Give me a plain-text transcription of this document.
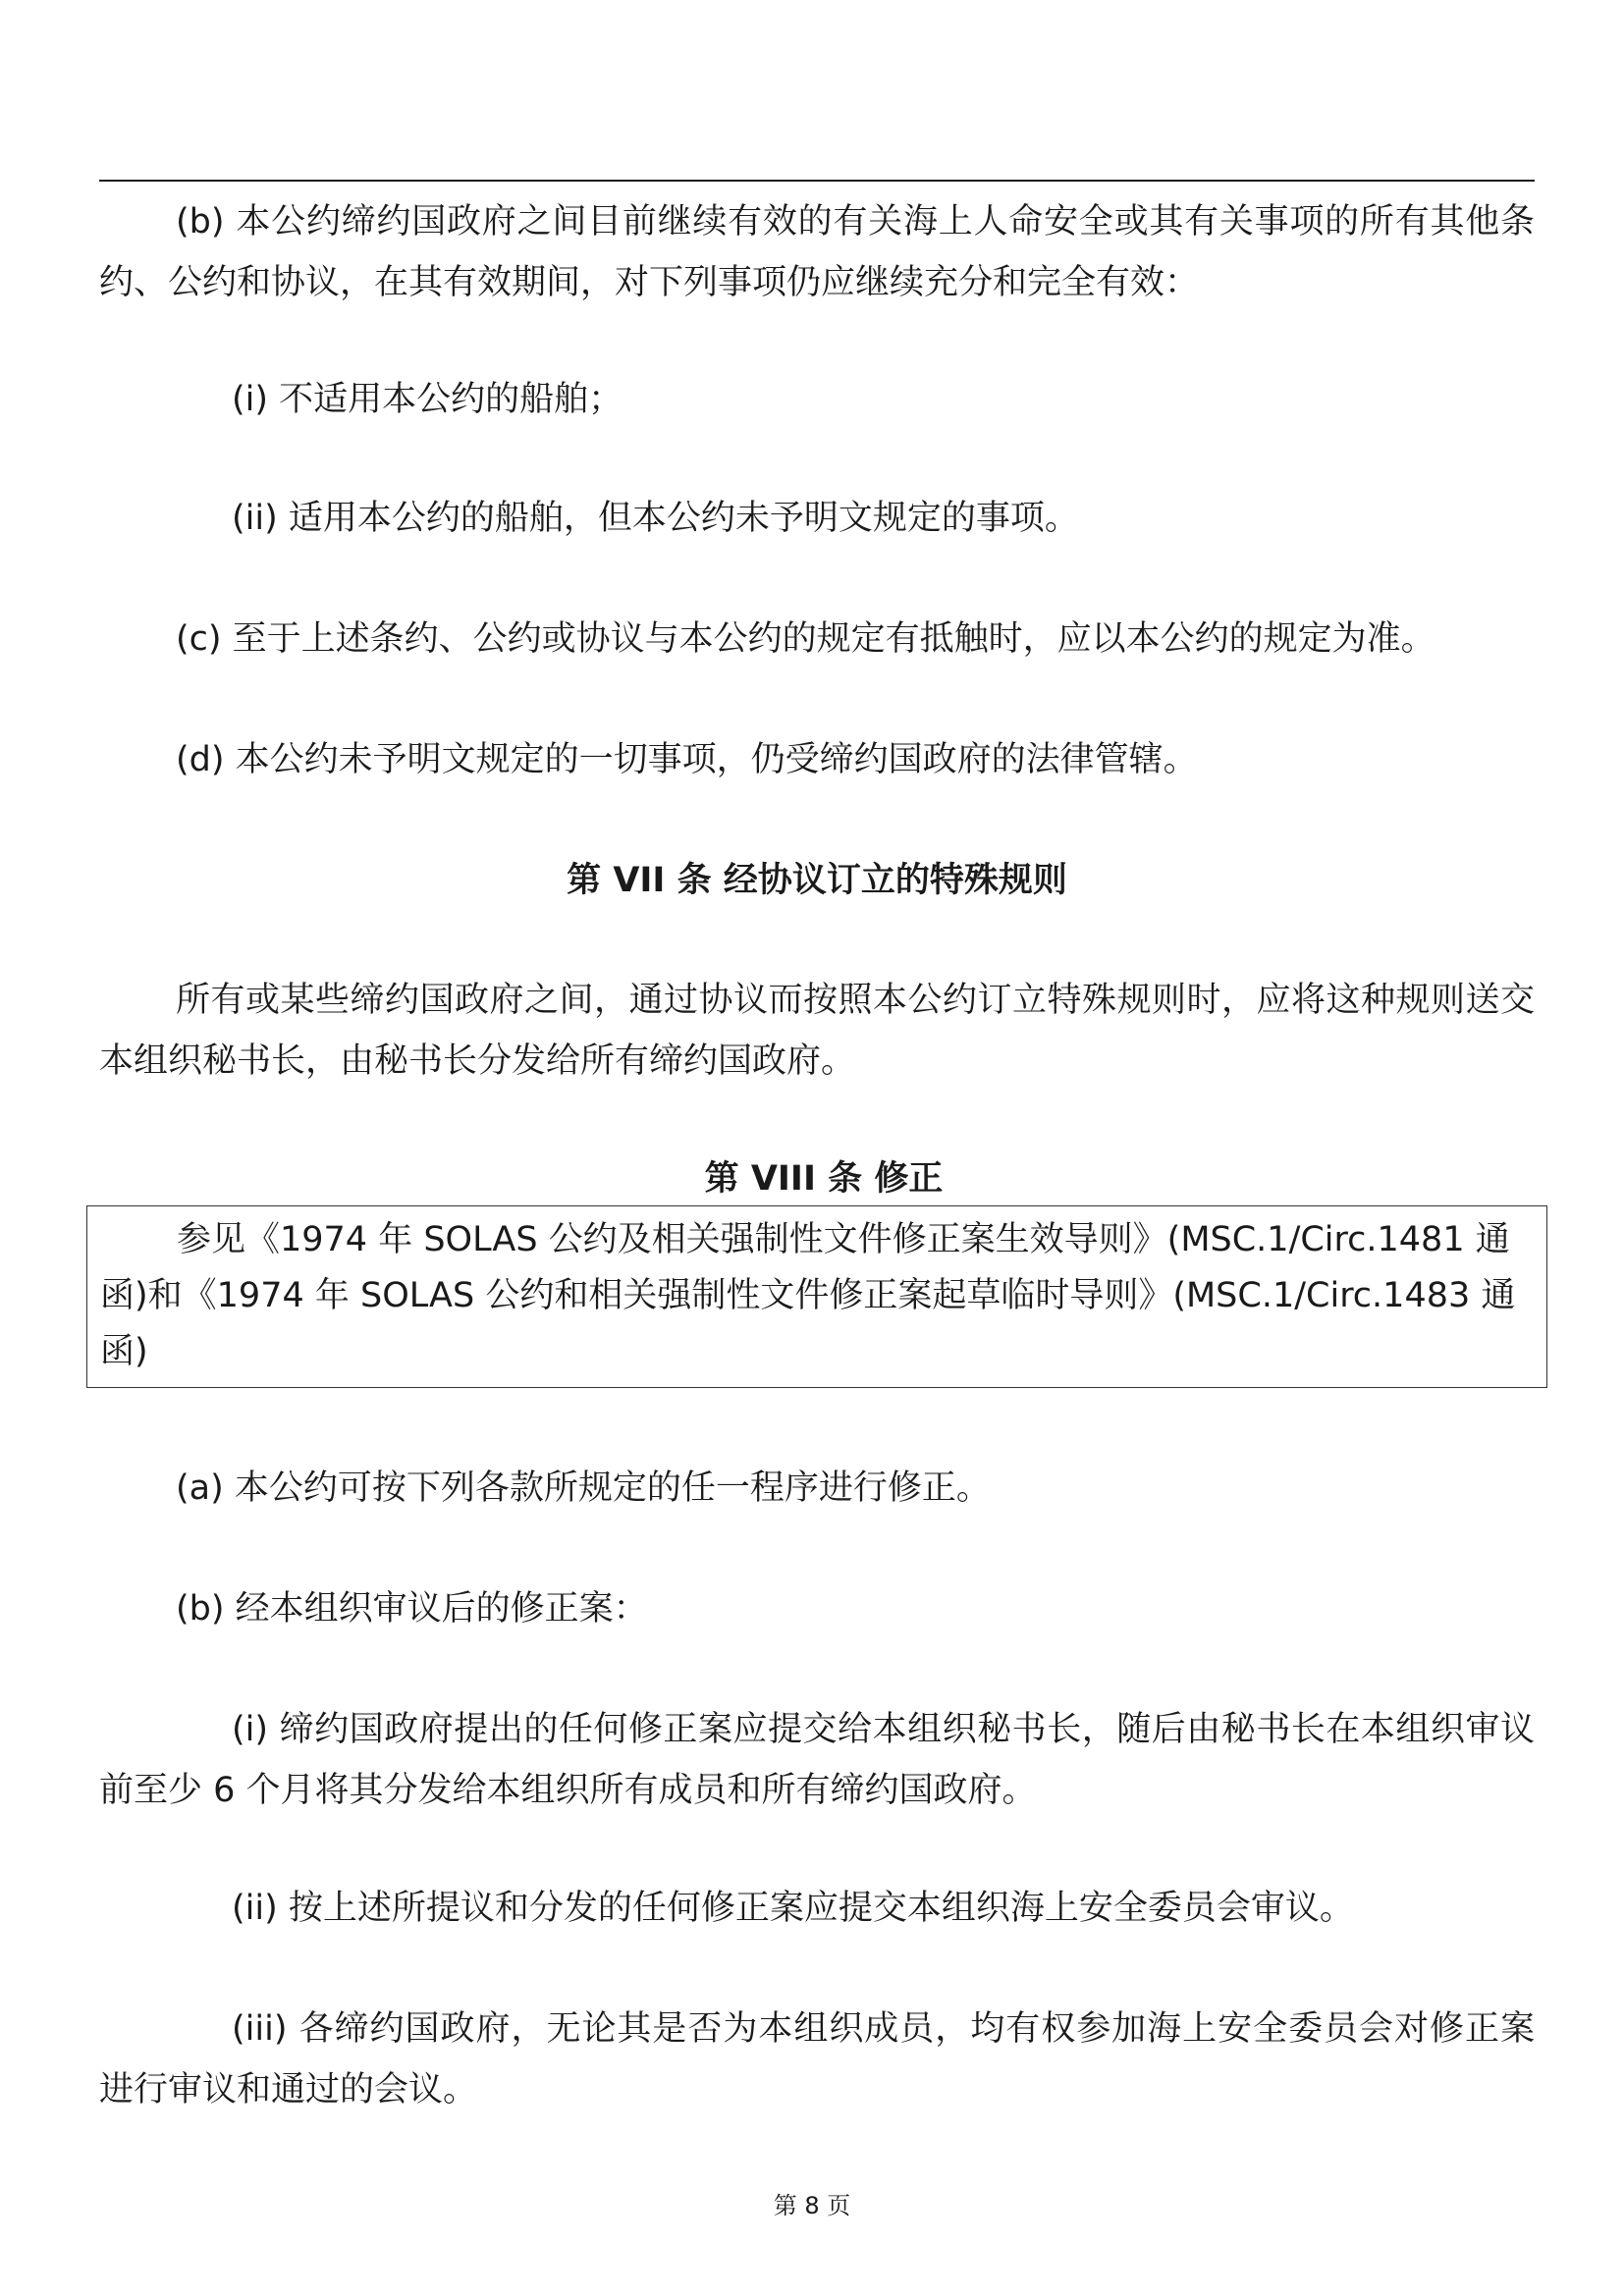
(b) 本公约缔约国政府之间目前继续有效的有关海上人命安全或其有关事项的所有其他条约、公约和协议，在其有效期间，对下列事项仍应继续充分和完全有效：

(i) 不适用本公约的船舶；

(ii) 适用本公约的船舶，但本公约未予明文规定的事项。

(c) 至于上述条约、公约或协议与本公约的规定有抵触时，应以本公约的规定为准。

(d) 本公约未予明文规定的一切事项，仍受缔约国政府的法律管辖。

第 VII 条 经协议订立的特殊规则

所有或某些缔约国政府之间，通过协议而按照本公约订立特殊规则时，应将这种规则送交本组织秘书长，由秘书长分发给所有缔约国政府。

第 VIII 条 修正

参见《1974 年 SOLAS 公约及相关强制性文件修正案生效导则》(MSC.1/Circ.1481 通函)和《1974 年 SOLAS 公约和相关强制性文件修正案起草临时导则》(MSC.1/Circ.1483 通函)

(a) 本公约可按下列各款所规定的任一程序进行修正。

(b) 经本组织审议后的修正案：

(i) 缔约国政府提出的任何修正案应提交给本组织秘书长，随后由秘书长在本组织审议前至少 6 个月将其分发给本组织所有成员和所有缔约国政府。

(ii) 按上述所提议和分发的任何修正案应提交本组织海上安全委员会审议。

(iii) 各缔约国政府，无论其是否为本组织成员，均有权参加海上安全委员会对修正案进行审议和通过的会议。

第 8 页
